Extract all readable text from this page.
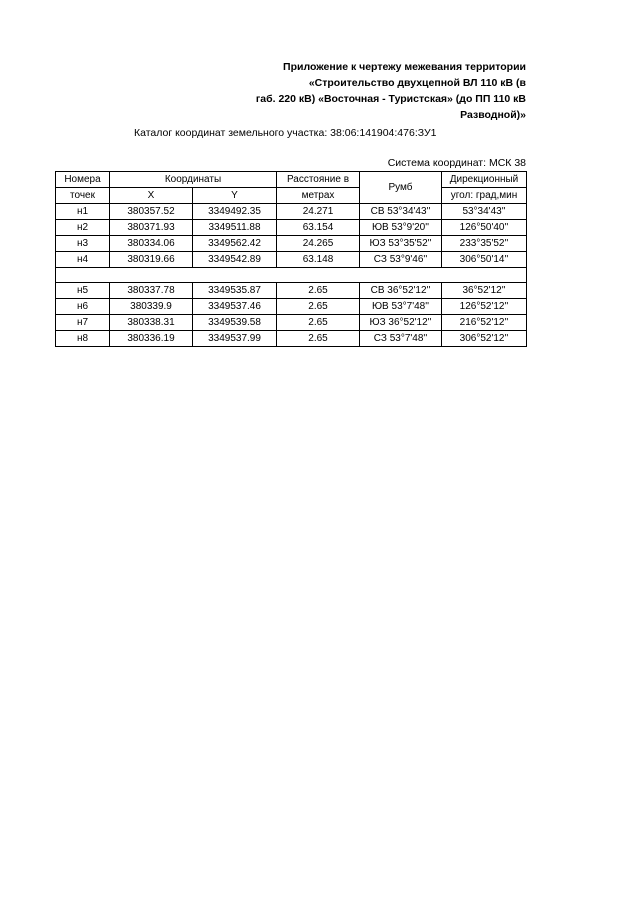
Приложение к чертежу межевания территории
«Строительство двухцепной ВЛ 110 кВ (в
габ. 220 кВ) «Восточная - Туристская» (до ПП 110 кВ
Разводной)»
Каталог координат земельного участка: 38:06:141904:476:ЗУ1
Система координат: МСК 38
Номера	Координаты		Расстояние в	Румб	Дирекционный
точек	X	Y	метрах		угол: град,мин
н1	380357.52	3349492.35	24.271	СВ 53°34'43''	53°34'43''
н2	380371.93	3349511.88	63.154	ЮВ 53°9'20''	126°50'40''
н3	380334.06	3349562.42	24.265	ЮЗ 53°35'52''	233°35'52''
н4	380319.66	3349542.89	63.148	СЗ 53°9'46''	306°50'14''

н5	380337.78	3349535.87	2.65	СВ 36°52'12''	36°52'12''
н6	380339.9	3349537.46	2.65	ЮВ 53°7'48''	126°52'12''
н7	380338.31	3349539.58	2.65	ЮЗ 36°52'12''	216°52'12''
н8	380336.19	3349537.99	2.65	СЗ 53°7'48''	306°52'12''
